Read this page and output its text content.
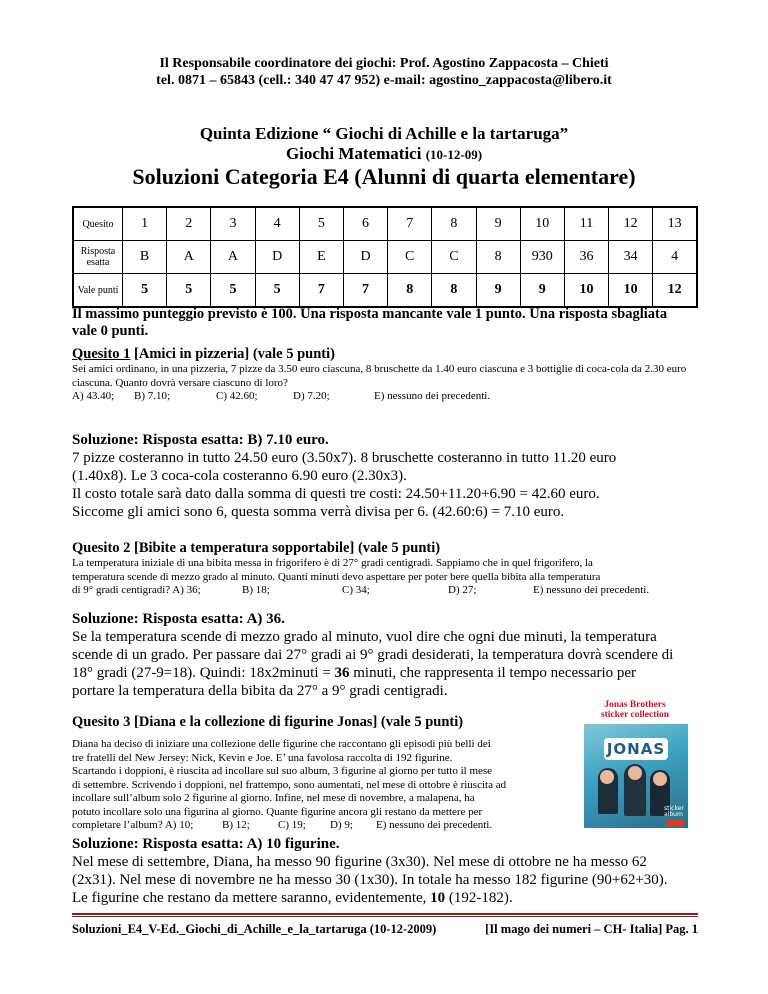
Il Responsabile coordinatore dei giochi: Prof. Agostino Zappacosta – Chieti
tel. 0871 – 65843 (cell.: 340 47 47 952) e-mail: agostino_zappacosta@libero.it
Quinta Edizione “ Giochi di Achille e la tartaruga”
Giochi Matematici (10-12-09)
Soluzioni Categoria E4 (Alunni di quarta elementare)
Quesito	1	2	3	4	5	6	7	8	9	10	11	12	13
Risposta esatta	B	A	A	D	E	D	C	C	8	930	36	34	4
Vale punti	5	5	5	5	7	7	8	8	9	9	10	10	12
Il massimo punteggio previsto è 100. Una risposta mancante vale 1 punto. Una risposta sbagliata vale 0 punti.
Quesito 1 [Amici in pizzeria] (vale 5 punti)
Sei amici ordinano, in una pizzeria, 7 pizze da 3.50 euro ciascuna, 8 bruschette da 1.40 euro ciascuna e 3 bottiglie di coca-cola da 2.30 euro ciascuna. Quanto dovrà versare ciascuno di loro?
A) 43.40; B) 7.10;	C) 42.60;	D) 7.20;	E) nessuno dei precedenti.
Soluzione: Risposta esatta: B) 7.10 euro.
7 pizze costeranno in tutto 24.50 euro (3.50x7). 8 bruschette costeranno in tutto 11.20 euro
(1.40x8). Le 3 coca-cola costeranno 6.90 euro (2.30x3).
Il costo totale sarà dato dalla somma di questi tre costi: 24.50+11.20+6.90 = 42.60 euro.
Siccome gli amici sono 6, questa somma verrà divisa per 6. (42.60:6) = 7.10 euro.
Quesito 2 [Bibite a temperatura sopportabile] (vale 5 punti)
La temperatura iniziale di una bibita messa in frigorifero è di 27° gradi centigradi. Sappiamo che in quel frigorifero, la
temperatura scende di mezzo grado al minuto. Quanti minuti devo aspettare per poter bere quella bibita alla temperatura
di 9° gradi centigradi? A) 36;	B) 18;	C) 34;	D) 27;	E) nessuno dei precedenti.
Soluzione: Risposta esatta: A) 36.
Se la temperatura scende di mezzo grado al minuto, vuol dire che ogni due minuti, la temperatura
scende di un grado. Per passare dai 27° gradi ai 9° gradi desiderati, la temperatura dovrà scendere di
18° gradi (27-9=18). Quindi: 18x2minuti = 36 minuti, che rappresenta il tempo necessario per
portare la temperatura della bibita da 27° a 9° gradi centigradi.
Quesito 3 [Diana e la collezione di figurine Jonas] (vale 5 punti)
Diana ha deciso di iniziare una collezione delle figurine che raccontano gli episodi più belli dei
tre fratelli del New Jersey: Nick, Kevin e Joe. E’ una favolosa raccolta di 192 figurine.
Scartando i doppioni, è riuscita ad incollare sul suo album, 3 figurine al giorno per tutto il mese
di settembre. Scrivendo i doppioni, nel frattempo, sono aumentati, nel mese di ottobre è riuscita ad
incollare sull’album solo 2 figurine al giorno. Infine, nel mese di novembre, a malapena, ha
potuto incollare solo una figurina al giorno. Quante figurine ancora gli restano da mettere per
completare l’album? A) 10;	B) 12;	C) 19; D) 9; E) nessuno dei precedenti.
Jonas Brothers
sticker collection
JONAS
sticker album
Soluzione: Risposta esatta: A) 10 figurine.
Nel mese di settembre, Diana, ha messo 90 figurine (3x30). Nel mese di ottobre ne ha messo 62
(2x31). Nel mese di novembre ne ha messo 30 (1x30). In totale ha messo 182 figurine (90+62+30).
Le figurine che restano da mettere saranno, evidentemente, 10 (192-182).
Soluzioni_E4_V-Ed._Giochi_di_Achille_e_la_tartaruga (10-12-2009)	[Il mago dei numeri – CH- Italia] Pag. 1
